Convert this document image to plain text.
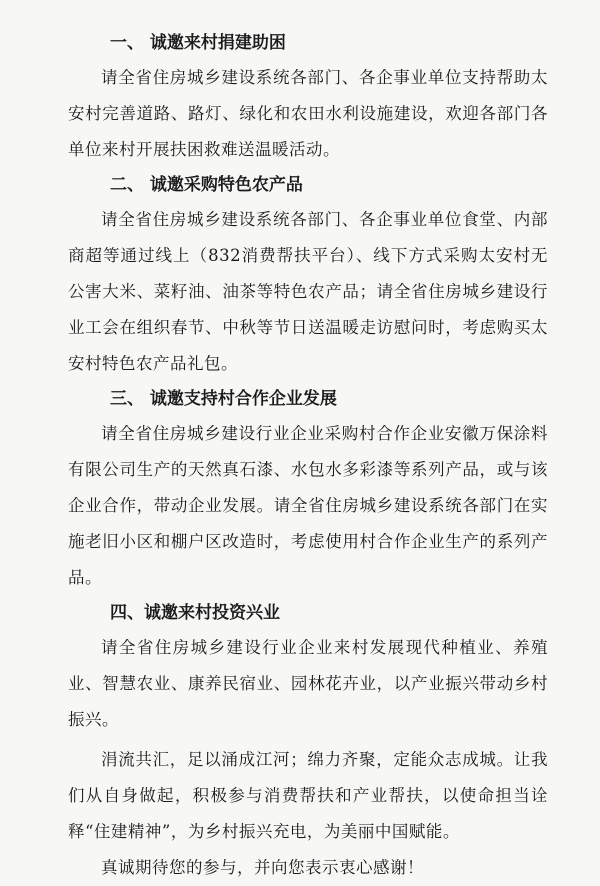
一、 诚邀来村捐建助困

请全省住房城乡建设系统各部门、各企事业单位支持帮助太安村完善道路、路灯、绿化和农田水利设施建设，欢迎各部门各单位来村开展扶困救难送温暖活动。

二、 诚邀采购特色农产品

请全省住房城乡建设系统各部门、各企事业单位食堂、内部商超等通过线上（832消费帮扶平台）、线下方式采购太安村无公害大米、菜籽油、油茶等特色农产品；请全省住房城乡建设行业工会在组织春节、中秋等节日送温暖走访慰问时，考虑购买太安村特色农产品礼包。

三、 诚邀支持村合作企业发展

请全省住房城乡建设行业企业采购村合作企业安徽万保涂料有限公司生产的天然真石漆、水包水多彩漆等系列产品，或与该企业合作，带动企业发展。请全省住房城乡建设系统各部门在实施老旧小区和棚户区改造时，考虑使用村合作企业生产的系列产品。

四、诚邀来村投资兴业

请全省住房城乡建设行业企业来村发展现代种植业、养殖业、智慧农业、康养民宿业、园林花卉业，以产业振兴带动乡村振兴。

涓流共汇，足以涌成江河；绵力齐聚，定能众志成城。让我们从自身做起，积极参与消费帮扶和产业帮扶，以使命担当诠释“住建精神”，为乡村振兴充电，为美丽中国赋能。

真诚期待您的参与，并向您表示衷心感谢！
